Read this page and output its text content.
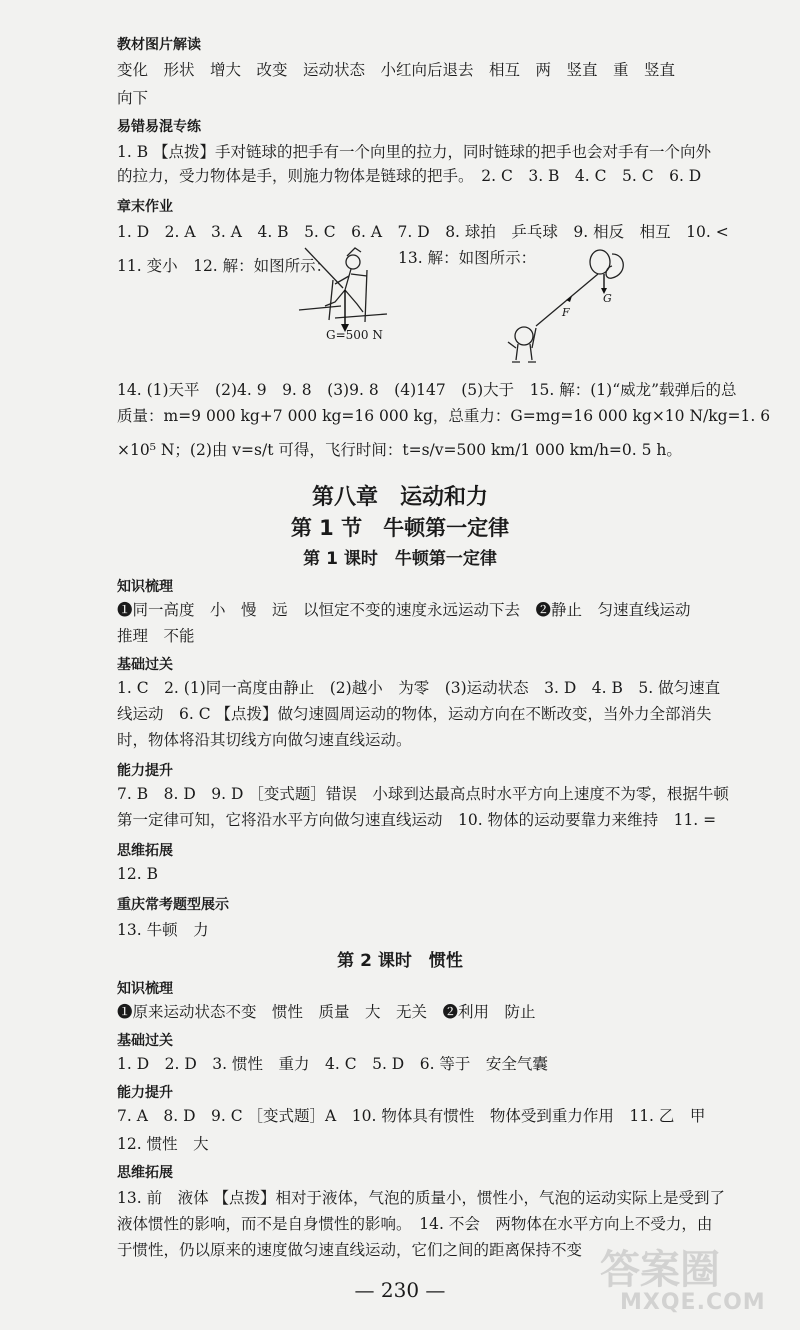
教材图片解读
变化　形状　增大　改变　运动状态　小红向后退去　相互　两　竖直　重　竖直
向下
易错易混专练
1. B 【点拨】手对链球的把手有一个向里的拉力，同时链球的把手也会对手有一个向外
的拉力，受力物体是手，则施力物体是链球的把手。　2. C　3. B　4. C　5. C　6. D
章末作业
1. D　2. A　3. A　4. B　5. C　6. A　7. D　8. 球拍　乒乓球　9. 相反　相互　10. <
11. 变小　12. 解：如图所示：	13. 解：如图所示：
G=500 N
G
F
14. (1)天平　(2)4. 9　9. 8　(3)9. 8　(4)147　(5)大于　15. 解：(1)“威龙”载弹后的总
质量：m=9 000 kg+7 000 kg=16 000 kg，总重力：G=mg=16 000 kg×10 N/kg=1. 6
×10⁵ N；(2)由 v=s/t 可得，飞行时间：t=s/v=500 km/1 000 km/h=0. 5 h。
第八章　运动和力
第 1 节　牛顿第一定律
第 1 课时　牛顿第一定律
知识梳理
❶同一高度　小　慢　远　以恒定不变的速度永远运动下去　❷静止　匀速直线运动
推理　不能
基础过关
1. C　2. (1)同一高度由静止　(2)越小　为零　(3)运动状态　3. D　4. B　5. 做匀速直
线运动　6. C 【点拨】做匀速圆周运动的物体，运动方向在不断改变，当外力全部消失
时，物体将沿其切线方向做匀速直线运动。
能力提升
7. B　8. D　9. D ［变式题］错误　小球到达最高点时水平方向上速度不为零，根据牛顿
第一定律可知，它将沿水平方向做匀速直线运动　10. 物体的运动要靠力来维持　11. =
思维拓展
12. B
重庆常考题型展示
13. 牛顿　力
第 2 课时　惯性
知识梳理
❶原来运动状态不变　惯性　质量　大　无关　❷利用　防止
基础过关
1. D　2. D　3. 惯性　重力　4. C　5. D　6. 等于　安全气囊
能力提升
7. A　8. D　9. C ［变式题］A　10. 物体具有惯性　物体受到重力作用　11. 乙　甲
12. 惯性　大
思维拓展
13. 前　液体 【点拨】相对于液体，气泡的质量小，惯性小，气泡的运动实际上是受到了
液体惯性的影响，而不是自身惯性的影响。　14. 不会　两物体在水平方向上不受力，由
于惯性，仍以原来的速度做匀速直线运动，它们之间的距离保持不变
— 230 —	答案圈
MXQE.COM
